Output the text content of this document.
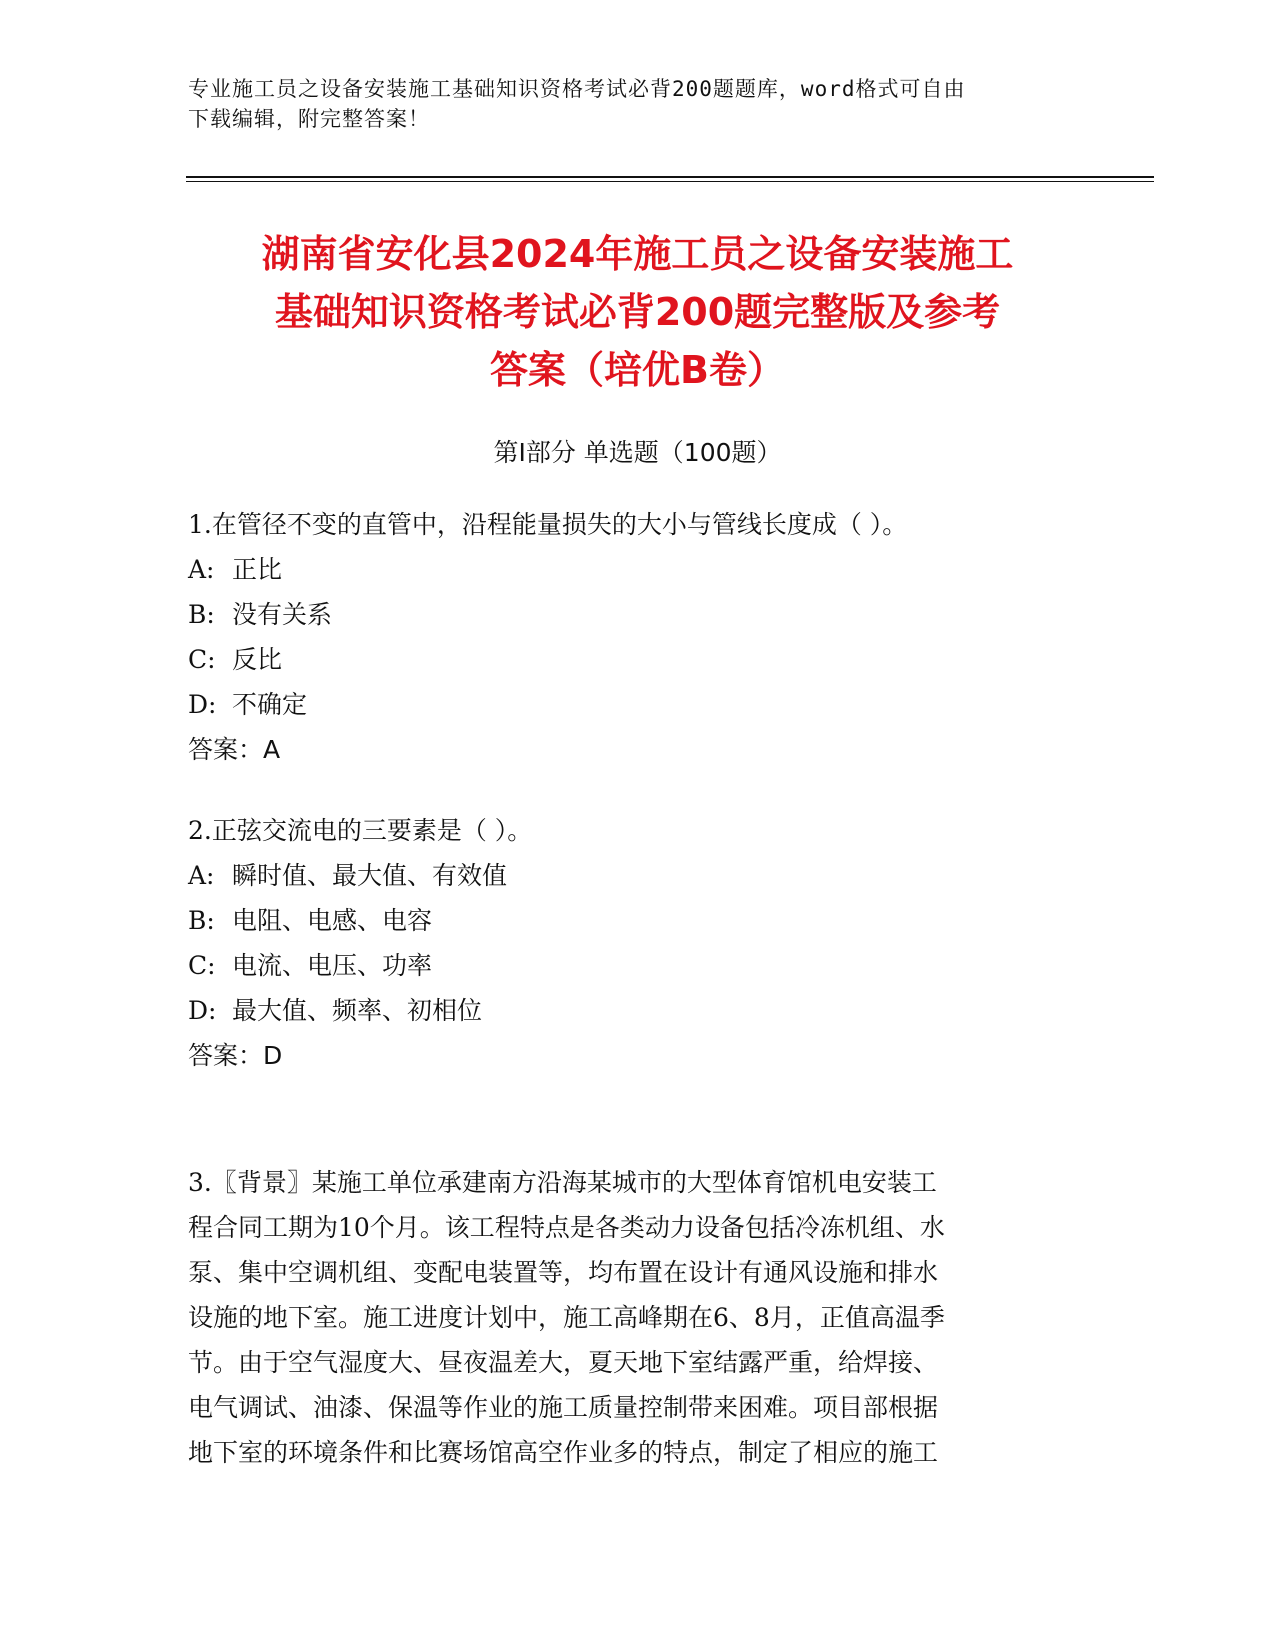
专业施工员之设备安装施工基础知识资格考试必背200题题库，word格式可自由
下载编辑，附完整答案！
湖南省安化县2024年施工员之设备安装施工
基础知识资格考试必背200题完整版及参考
答案（培优B卷）
第Ⅰ部分 单选题（100题）
1.在管径不变的直管中，沿程能量损失的大小与管线长度成（ ）。
A: 正比
B: 没有关系
C: 反比
D: 不确定
答案：A
2.正弦交流电的三要素是（ ）。
A: 瞬时值、最大值、有效值
B: 电阻、电感、电容
C: 电流、电压、功率
D: 最大值、频率、初相位
答案：D
3.〖背景〗某施工单位承建南方沿海某城市的大型体育馆机电安装工
程合同工期为10个月。该工程特点是各类动力设备包括冷冻机组、水
泵、集中空调机组、变配电装置等，均布置在设计有通风设施和排水
设施的地下室。施工进度计划中，施工高峰期在6、8月，正值高温季
节。由于空气湿度大、昼夜温差大，夏天地下室结露严重，给焊接、
电气调试、油漆、保温等作业的施工质量控制带来困难。项目部根据
地下室的环境条件和比赛场馆高空作业多的特点，制定了相应的施工
